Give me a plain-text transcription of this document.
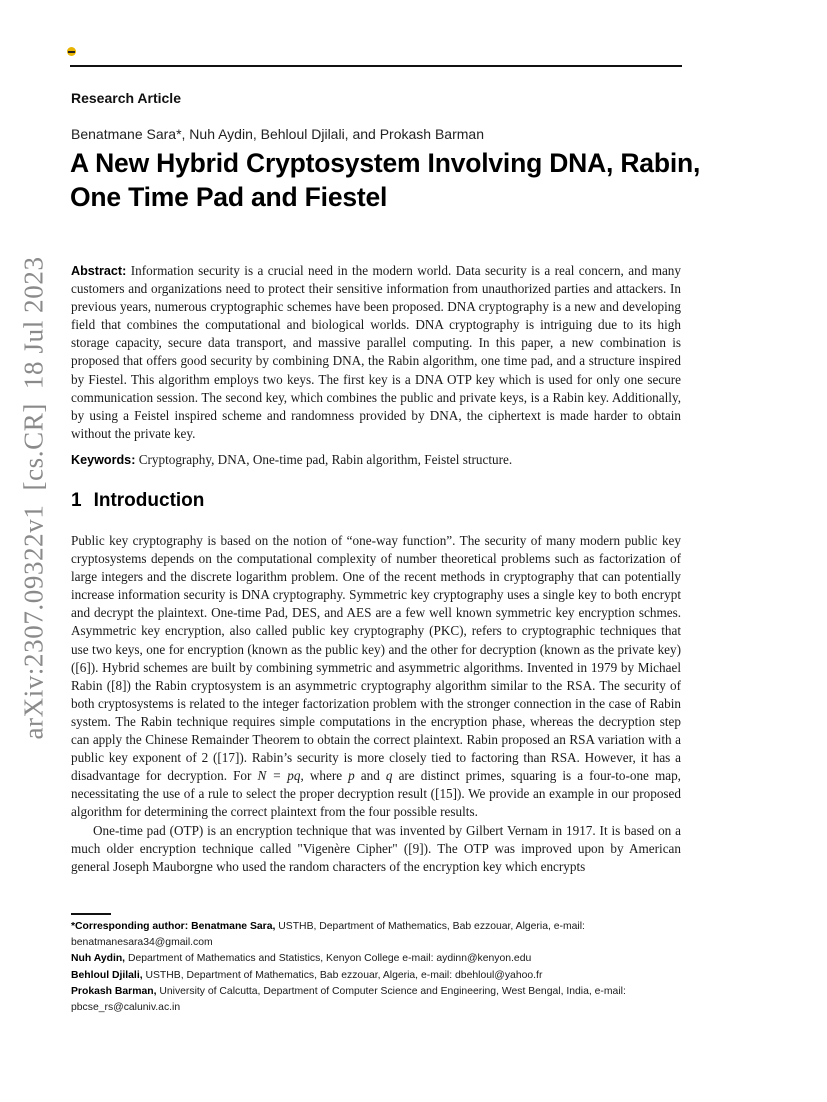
arXiv:2307.09322v1[cs.CR]18 Jul 2023
Research Article
Benatmane Sara*, Nuh Aydin, Behloul Djilali, and Prokash Barman
A New Hybrid Cryptosystem Involving DNA, Rabin, One Time Pad and Fiestel
Abstract: Information security is a crucial need in the modern world. Data security is a real concern, and many customers and organizations need to protect their sensitive information from unauthorized parties and attackers. In previous years, numerous cryptographic schemes have been proposed. DNA cryptography is a new and developing field that combines the computational and biological worlds. DNA cryptography is intriguing due to its high storage capacity, secure data transport, and massive parallel computing. In this paper, a new combination is proposed that offers good security by combining DNA, the Rabin algorithm, one time pad, and a structure inspired by Fiestel. This algorithm employs two keys. The first key is a DNA OTP key which is used for only one secure communication session. The second key, which combines the public and private keys, is a Rabin key. Additionally, by using a Feistel inspired scheme and randomness provided by DNA, the ciphertext is made harder to obtain without the private key.
Keywords: Cryptography, DNA, One-time pad, Rabin algorithm, Feistel structure.
1 Introduction

Public key cryptography is based on the notion of “one-way function”. The security of many modern public key cryptosystems depends on the computational complexity of number theoretical problems such as factorization of large integers and the discrete logarithm problem. One of the recent methods in cryptography that can potentially increase information security is DNA cryptography. Symmetric key cryptography uses a single key to both encrypt and decrypt the plaintext. One-time Pad, DES, and AES are a few well known symmetric key encryption schmes. Asymmetric key encryption, also called public key cryptography (PKC), refers to cryptographic techniques that use two keys, one for encryption (known as the public key) and the other for decryption (known as the private key) ([6]). Hybrid schemes are built by combining symmetric and asymmetric algorithms. Invented in 1979 by Michael Rabin ([8]) the Rabin cryptosystem is an asymmetric cryptography algorithm similar to the RSA. The security of both cryptosystems is related to the integer factorization problem with the stronger connection in the case of Rabin system. The Rabin technique requires simple computations in the encryption phase, whereas the decryption step can apply the Chinese Remainder Theorem to obtain the correct plaintext. Rabin proposed an RSA variation with a public key exponent of 2 ([17]). Rabin’s security is more closely tied to factoring than RSA. However, it has a disadvantage for decryption. For N = pq, where p and q are distinct primes, squaring is a four-to-one map, necessitating the use of a rule to select the proper decryption result ([15]). We provide an example in our proposed algorithm for determining the correct plaintext from the four possible results.

One-time pad (OTP) is an encryption technique that was invented by Gilbert Vernam in 1917. It is based on a much older encryption technique called "Vigenère Cipher" ([9]). The OTP was improved upon by American general Joseph Mauborgne who used the random characters of the encryption key which encrypts

*Corresponding author: Benatmane Sara, USTHB, Department of Mathematics, Bab ezzouar, Algeria, e-mail: benatmanesara34@gmail.com
Nuh Aydin, Department of Mathematics and Statistics, Kenyon College e-mail: aydinn@kenyon.edu
Behloul Djilali, USTHB, Department of Mathematics, Bab ezzouar, Algeria, e-mail: dbehloul@yahoo.fr
Prokash Barman, University of Calcutta, Department of Computer Science and Engineering, West Bengal, India, e-mail: pbcse_rs@caluniv.ac.in
